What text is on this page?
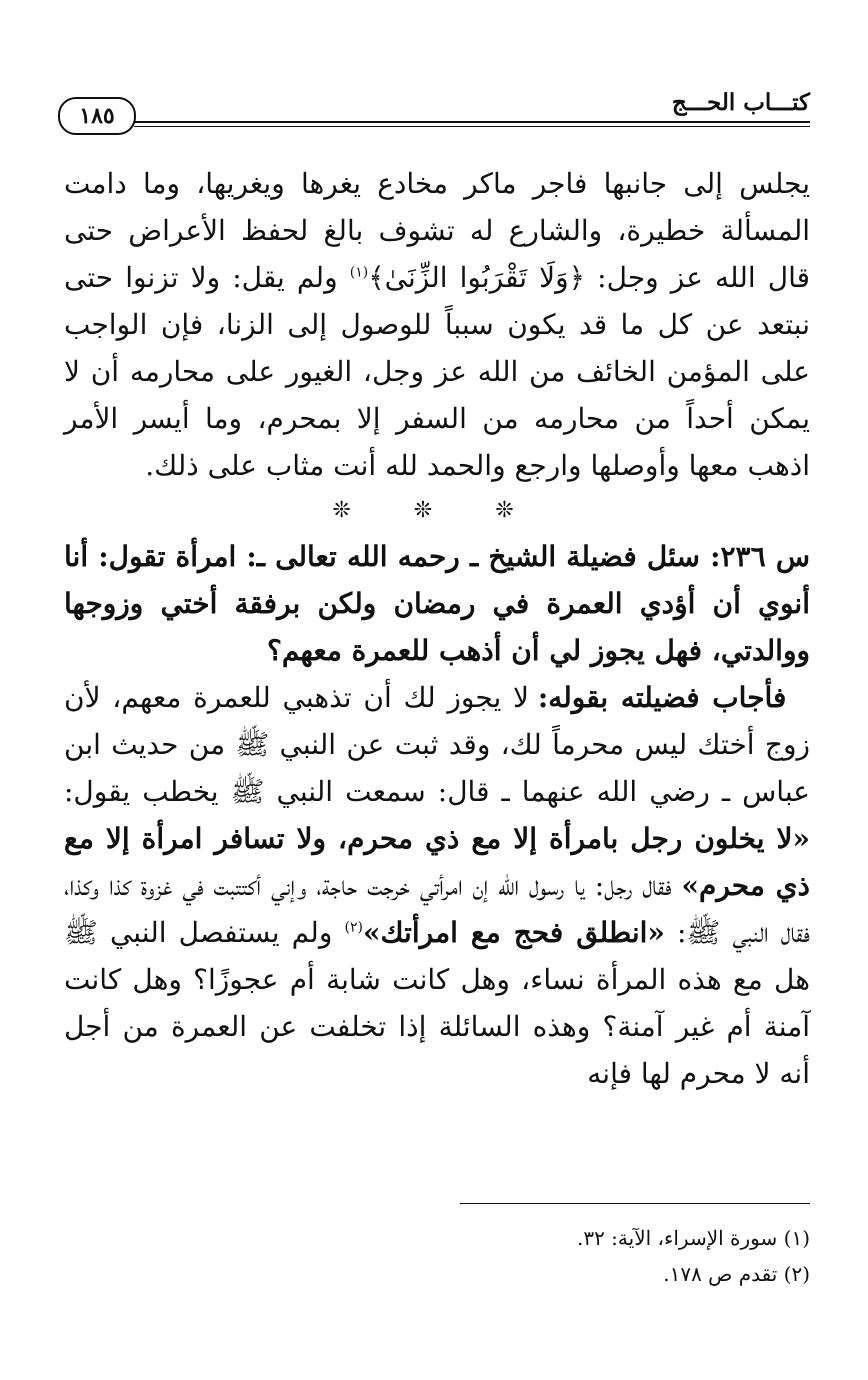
١٨٥	كتـــاب الحـــج

يجلس إلى جانبها فاجر ماكر مخادع يغرها ويغريها، وما دامت المسألة خطيرة، والشارع له تشوف بالغ لحفظ الأعراض حتى قال الله عز وجل: ﴿وَلَا تَقْرَبُوا الزِّنَىٰ﴾$^{(١)}$ ولم يقل: ولا تزنوا حتى نبتعد عن كل ما قد يكون سبباً للوصول إلى الزنا، فإن الواجب على المؤمن الخائف من الله عز وجل، الغيور على محارمه أن لا يمكن أحداً من محارمه من السفر إلا بمحرم، وما أيسر الأمر اذهب معها وأوصلها وارجع والحمد لله أنت مثاب على ذلك.

❊ ❊ ❊

س ٢٣٦: سئل فضيلة الشيخ ـ رحمه الله تعالى ـ: امرأة تقول: أنا أنوي أن أؤدي العمرة في رمضان ولكن برفقة أختي وزوجها ووالدتي، فهل يجوز لي أن أذهب للعمرة معهم؟

فأجاب فضيلته بقوله: لا يجوز لك أن تذهبي للعمرة معهم، لأن زوج أختك ليس محرماً لك، وقد ثبت عن النبي ﷺ من حديث ابن عباس ـ رضي الله عنهما ـ قال: سمعت النبي ﷺ يخطب يقول: «لا يخلون رجل بامرأة إلا مع ذي محرم، ولا تسافر امرأة إلا مع ذي محرم» فقال رجل: يا رسول الله إن امرأتي خرجت حاجة، وإني أكتتبت في غزوة كذا وكذا، فقال النبي ﷺ: «انطلق فحج مع امرأتك»$^{(٢)}$ ولم يستفصل النبي ﷺ هل مع هذه المرأة نساء، وهل كانت شابة أم عجوزًا؟ وهل كانت آمنة أم غير آمنة؟ وهذه السائلة إذا تخلفت عن العمرة من أجل أنه لا محرم لها فإنه

(١) سورة الإسراء، الآية: ٣٢.

(٢) تقدم ص ١٧٨.
